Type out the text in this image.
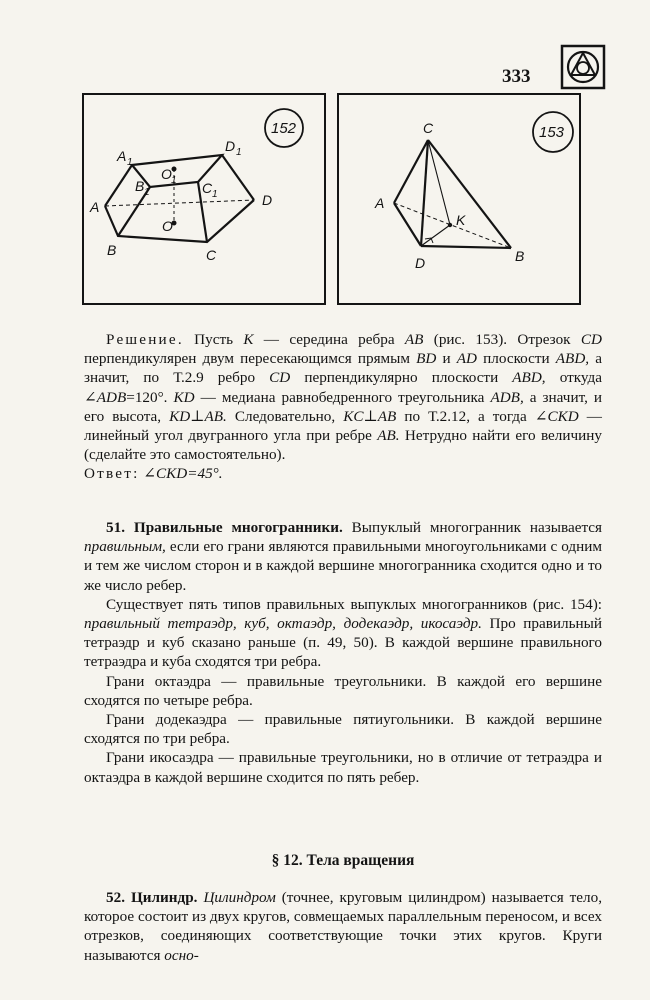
333
152
A 1
D 1
O 1
B 1	C 1
A	D
O
B	C
153
C
A
K
D	B

Решение. Пусть K — середина ребра AB (рис. 153). Отрезок CD перпендикулярен двум пересекающимся прямым BD и AD плоскости ABD, а значит, по Т.2.9 ребро CD перпендикулярно плоскости ABD, откуда ∠ADB=120°. KD — медиана равнобедренного треугольника ADB, а значит, и его высота, KD⊥AB. Следовательно, KC⊥AB по Т.2.12, а тогда ∠CKD — линейный угол двугранного угла при ребре AB. Нетрудно найти его величину (сделайте это самостоятельно).

Ответ: ∠CKD=45°.

51. Правильные многогранники. Выпуклый многогранник называется правильным, если его грани являются правильными многоугольниками с одним и тем же числом сторон и в каждой вершине многогранника сходится одно и то же число ребер.

Существует пять типов правильных выпуклых многогранников (рис. 154): правильный тетраэдр, куб, октаэдр, додекаэдр, икосаэдр. Про правильный тетраэдр и куб сказано раньше (п. 49, 50). В каждой вершине правильного тетраэдра и куба сходятся три ребра.

Грани октаэдра — правильные треугольники. В каждой его вершине сходятся по четыре ребра.

Грани додекаэдра — правильные пятиугольники. В каждой вершине сходятся по три ребра.

Грани икосаэдра — правильные треугольники, но в отличие от тетраэдра и октаэдра в каждой вершине сходится по пять ребер.

§ 12. Тела вращения

52. Цилиндр. Цилиндром (точнее, круговым цилиндром) называется тело, которое состоит из двух кругов, совмещаемых параллельным переносом, и всех отрезков, соединяющих соответствующие точки этих кругов. Круги называются осно-
